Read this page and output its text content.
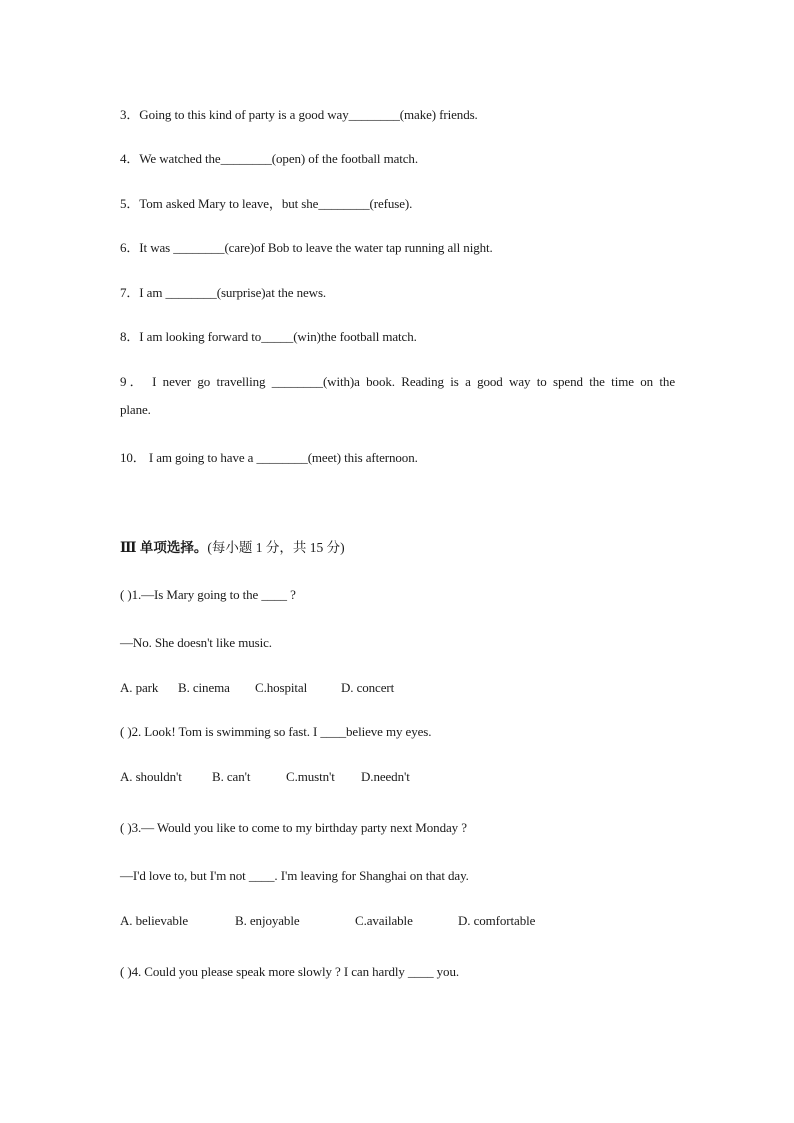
3．Going to this kind of party is a good way________(make) friends.
4．We watched the________(open) of the football match.
5．Tom asked Mary to leave，but she________(refuse).
6．It was ________(care)of Bob to leave the water tap running all night.
7．I am ________(surprise)at the news.
8．I am looking forward to_____(win)the football match.
9． I never go travelling ________(with)a book. Reading is a good way to spend the time on the
plane.
10． I am going to have a ________(meet) this afternoon.
Ⅲ 单项选择。(每小题 1 分，共 15 分)
( )1.—Is Mary going to the ____ ?
—No. She doesn't like music.
A. park B. cinema C.hospital	D. concert
( )2. Look! Tom is swimming so fast. I ____believe my eyes.
A. shouldn't B. can't	C.mustn't D.needn't
( )3.— Would you like to come to my birthday party next Monday ?
—I'd love to, but I'm not ____. I'm leaving for Shanghai on that day.
A. believable	B. enjoyable	C.available	D. comfortable
( )4. Could you please speak more slowly ? I can hardly ____ you.
